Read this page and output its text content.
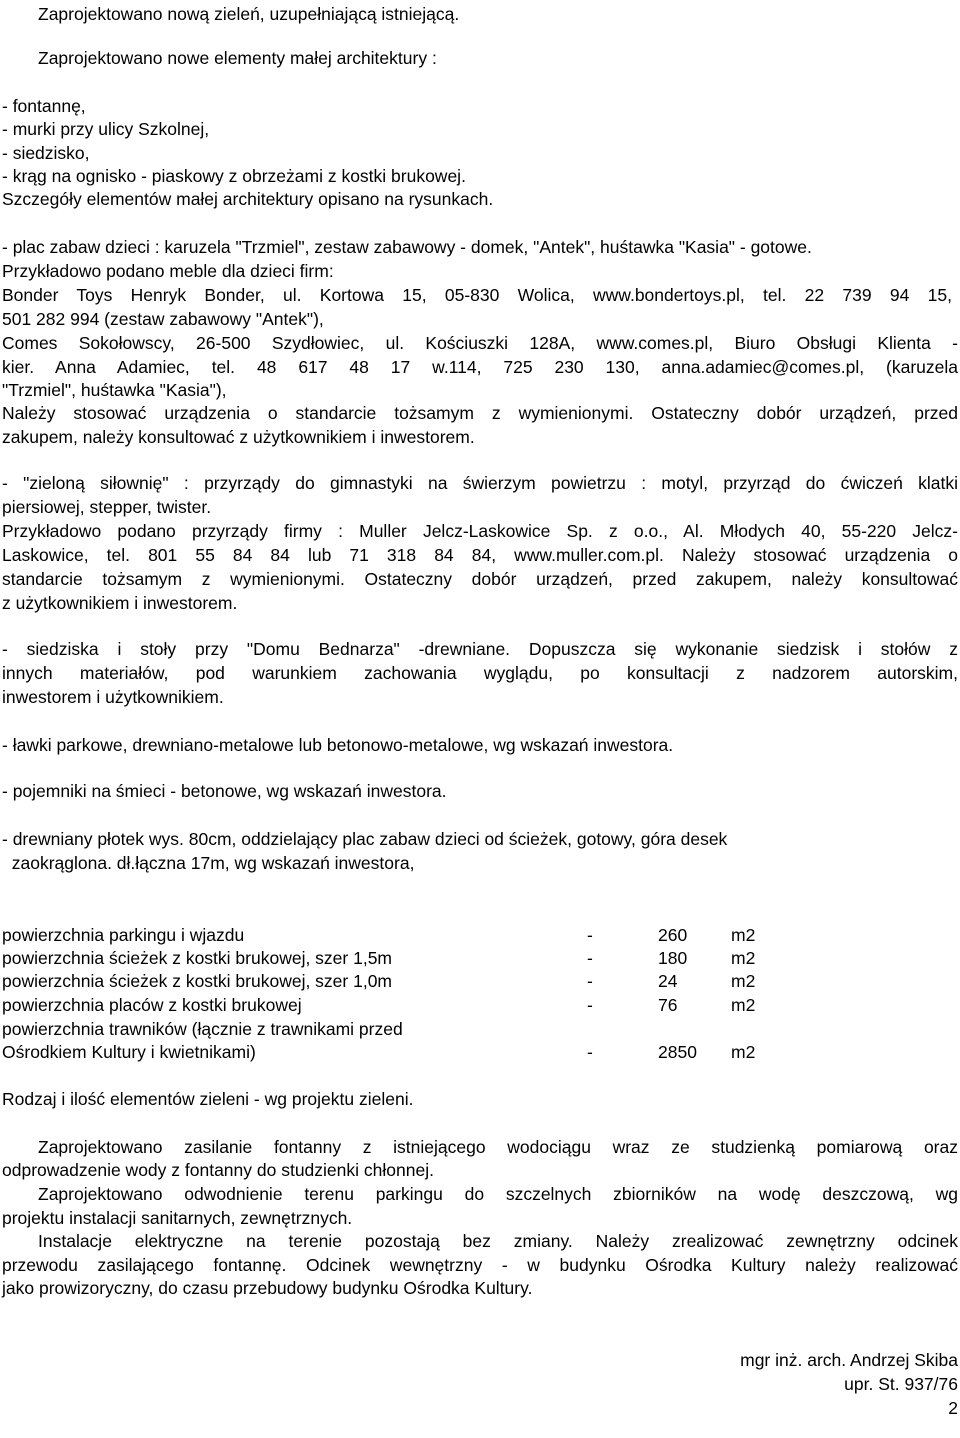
Zaprojektowano nową zieleń, uzupełniającą istniejącą.
Zaprojektowano nowe elementy małej architektury :
- fontannę,
- murki przy ulicy Szkolnej,
- siedzisko,
- krąg na ognisko - piaskowy z obrzeżami z kostki brukowej.
Szczegóły elementów małej architektury opisano na rysunkach.
- plac zabaw dzieci : karuzela "Trzmiel", zestaw zabawowy - domek, "Antek", huśtawka "Kasia" - gotowe.
Przykładowo podano meble dla dzieci firm:
Bonder Toys Henryk Bonder, ul. Kortowa 15, 05-830 Wolica, www.bondertoys.pl, tel. 22 739 94 15,
501 282 994 (zestaw zabawowy "Antek"),
Comes Sokołowscy, 26-500 Szydłowiec, ul. Kościuszki 128A, www.comes.pl, Biuro Obsługi Klienta -
kier. Anna Adamiec, tel. 48 617 48 17 w.114, 725 230 130, anna.adamiec@comes.pl, (karuzela
"Trzmiel", huśtawka "Kasia"),
Należy stosować urządzenia o standarcie tożsamym z wymienionymi. Ostateczny dobór urządzeń, przed
zakupem, należy konsultować z użytkownikiem i inwestorem.
- "zieloną siłownię" : przyrządy do gimnastyki na świerzym powietrzu : motyl, przyrząd do ćwiczeń klatki
piersiowej, stepper, twister.
Przykładowo podano przyrządy firmy : Muller Jelcz-Laskowice Sp. z o.o., Al. Młodych 40, 55-220 Jelcz-
Laskowice, tel. 801 55 84 84 lub 71 318 84 84, www.muller.com.pl. Należy stosować urządzenia o
standarcie tożsamym z wymienionymi. Ostateczny dobór urządzeń, przed zakupem, należy konsultować
z użytkownikiem i inwestorem.
- siedziska i stoły przy "Domu Bednarza" -drewniane. Dopuszcza się wykonanie siedzisk i stołów z
innych materiałów, pod warunkiem zachowania wyglądu, po konsultacji z nadzorem autorskim,
inwestorem i użytkownikiem.
- ławki parkowe, drewniano-metalowe lub betonowo-metalowe, wg wskazań inwestora.
- pojemniki na śmieci - betonowe, wg wskazań inwestora.
- drewniany płotek wys. 80cm, oddzielający plac zabaw dzieci od ścieżek, gotowy, góra desek
zaokrąglona. dł.łączna 17m, wg wskazań inwestora,
powierzchnia parkingu i wjazdu	-	260	m2
powierzchnia ścieżek z kostki brukowej, szer 1,5m	-	180	m2
powierzchnia ścieżek z kostki brukowej, szer 1,0m	-	24	m2
powierzchnia placów z kostki brukowej	-	76	m2
powierzchnia trawników (łącznie z trawnikami przed
Ośrodkiem Kultury i kwietnikami)	-	2850 m2
Rodzaj i ilość elementów zieleni - wg projektu zieleni.
Zaprojektowano zasilanie fontanny z istniejącego wodociągu wraz ze studzienką pomiarową oraz
odprowadzenie wody z fontanny do studzienki chłonnej.
Zaprojektowano odwodnienie terenu parkingu do szczelnych zbiorników na wodę deszczową, wg
projektu instalacji sanitarnych, zewnętrznych.
Instalacje elektryczne na terenie pozostają bez zmiany. Należy zrealizować zewnętrzny odcinek
przewodu zasilającego fontannę. Odcinek wewnętrzny - w budynku Ośrodka Kultury należy realizować
jako prowizoryczny, do czasu przebudowy budynku Ośrodka Kultury.
mgr inż. arch. Andrzej Skiba
upr. St. 937/76
2
